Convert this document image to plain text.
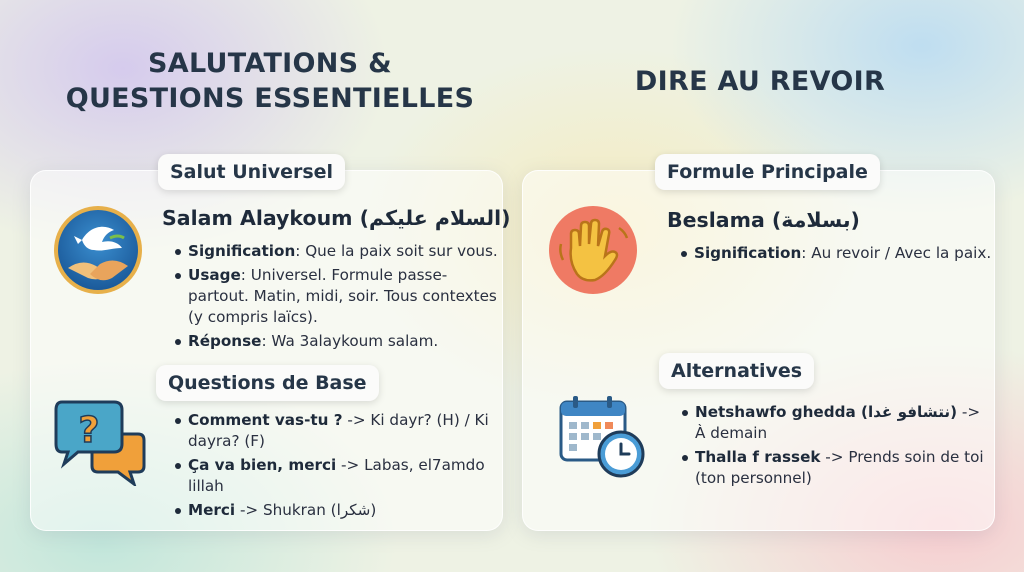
SALUTATIONS &
QUESTIONS ESSENTIELLES
DIRE AU REVOIR
Salut Universel
Salam Alaykoum (السلام عليكم)
Signification: Que la paix soit sur vous.
Usage: Universel. Formule passe-partout. Matin, midi, soir. Tous contextes (y compris laïcs).
Réponse: Wa 3alaykoum salam.
Questions de Base
?	Comment vas-tu ? -> Ki dayr? (H) / Ki dayra? (F)
Ça va bien, merci -> Labas, el7amdo lillah
Merci -> Shukran (شكرا)
Formule Principale
Beslama (بسلامة)
Signification: Au revoir / Avec la paix.
Alternatives
Netshawfo ghedda (نتشافو غدا) -> À demain
Thalla f rassek -> Prends soin de toi (ton personnel)
